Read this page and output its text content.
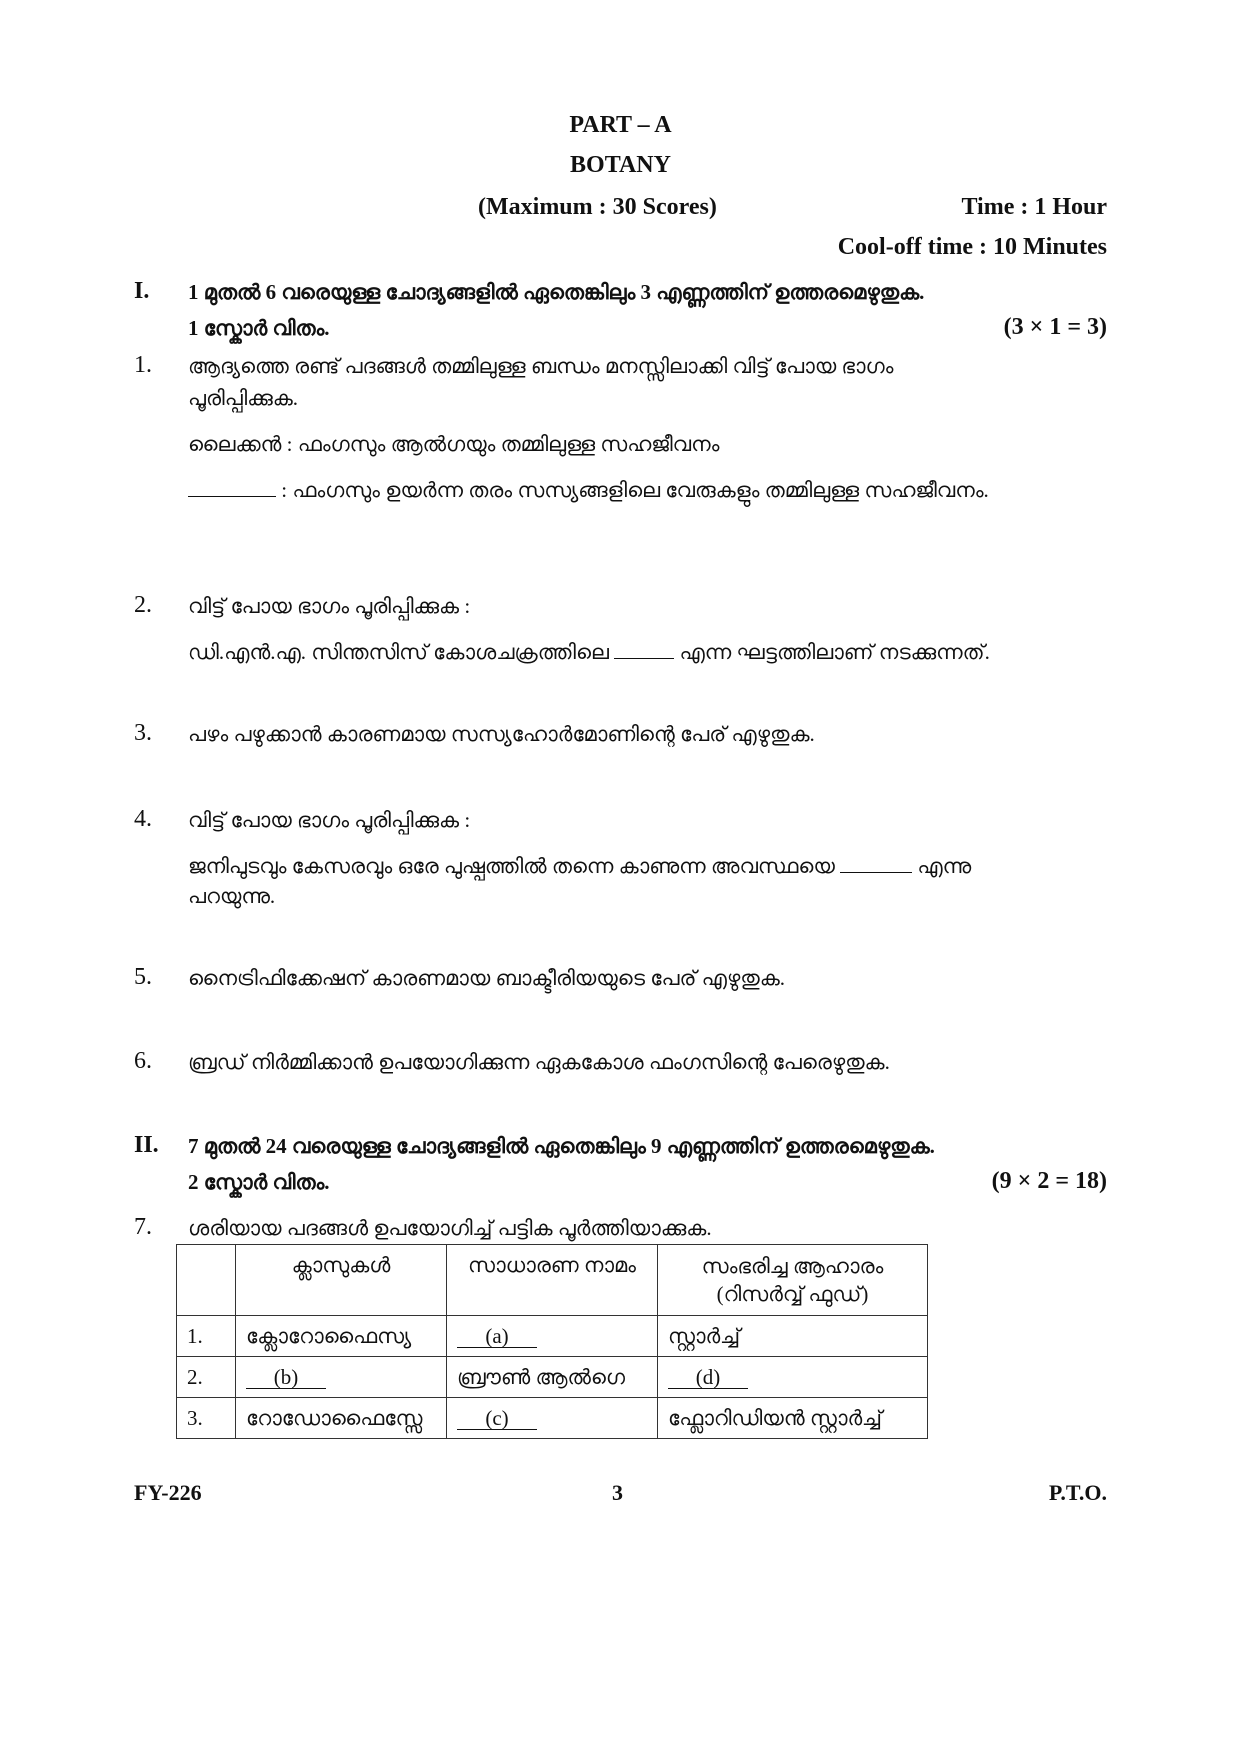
PART – A
BOTANY
(Maximum : 30 Scores)	Time : 1 Hour
Cool-off time : 10 Minutes
I. 1 മുതൽ 6 വരെയുള്ള ചോദ്യങ്ങളിൽ ഏതെങ്കിലും 3 എണ്ണത്തിന് ഉത്തരമെഴുതുക.
1 സ്കോർ വിതം.	(3 × 1 = 3)
1. ആദ്യത്തെ രണ്ട് പദങ്ങൾ തമ്മിലുള്ള ബന്ധം മനസ്സിലാക്കി വിട്ട് പോയ ഭാഗം
പൂരിപ്പിക്കുക.
ലൈക്കൻ : ഫംഗസും ആൽഗയും തമ്മിലുള്ള സഹജീവനം
: ഫംഗസും ഉയർന്ന തരം സസ്യങ്ങളിലെ വേരുകളും തമ്മിലുള്ള സഹജീവനം.
2. വിട്ട് പോയ ഭാഗം പൂരിപ്പിക്കുക :
ഡി.എൻ.എ. സിന്തസിസ് കോശചക്രത്തിലെ	എന്ന ഘട്ടത്തിലാണ് നടക്കുന്നത്.
3. പഴം പഴുക്കാൻ കാരണമായ സസ്യഹോർമോണിന്റെ പേര് എഴുതുക.
4. വിട്ട് പോയ ഭാഗം പൂരിപ്പിക്കുക :
ജനിപുടവും കേസരവും ഒരേ പുഷ്പത്തിൽ തന്നെ കാണുന്ന അവസ്ഥയെ	എന്നു
പറയുന്നു.
5. നൈട്രിഫിക്കേഷന് കാരണമായ ബാക്ടീരിയയുടെ പേര് എഴുതുക.
6. ബ്രഡ് നിർമ്മിക്കാൻ ഉപയോഗിക്കുന്ന ഏകകോശ ഫംഗസിന്റെ പേരെഴുതുക.
II. 7 മുതൽ 24 വരെയുള്ള ചോദ്യങ്ങളിൽ ഏതെങ്കിലും 9 എണ്ണത്തിന് ഉത്തരമെഴുതുക.
2 സ്കോർ വിതം.	(9 × 2 = 18)
7. ശരിയായ പദങ്ങൾ ഉപയോഗിച്ച് പട്ടിക പൂർത്തിയാക്കുക.
	ക്ലാസുകൾ	സാധാരണ നാമം	സംഭരിച്ച ആഹാരം
(റിസർവ്വ് ഫുഡ്)

1.	ക്ലോറോഫൈസ്യ	(a)	സ്റ്റാർച്ച്
2.	(b)	ബ്രൗൺ ആൽഗെ	(d)
3.	റോഡോഫൈസ്സേ	(c)	ഫ്ലോറിഡിയൻ സ്റ്റാർച്ച്
FY-226	3	P.T.O.
